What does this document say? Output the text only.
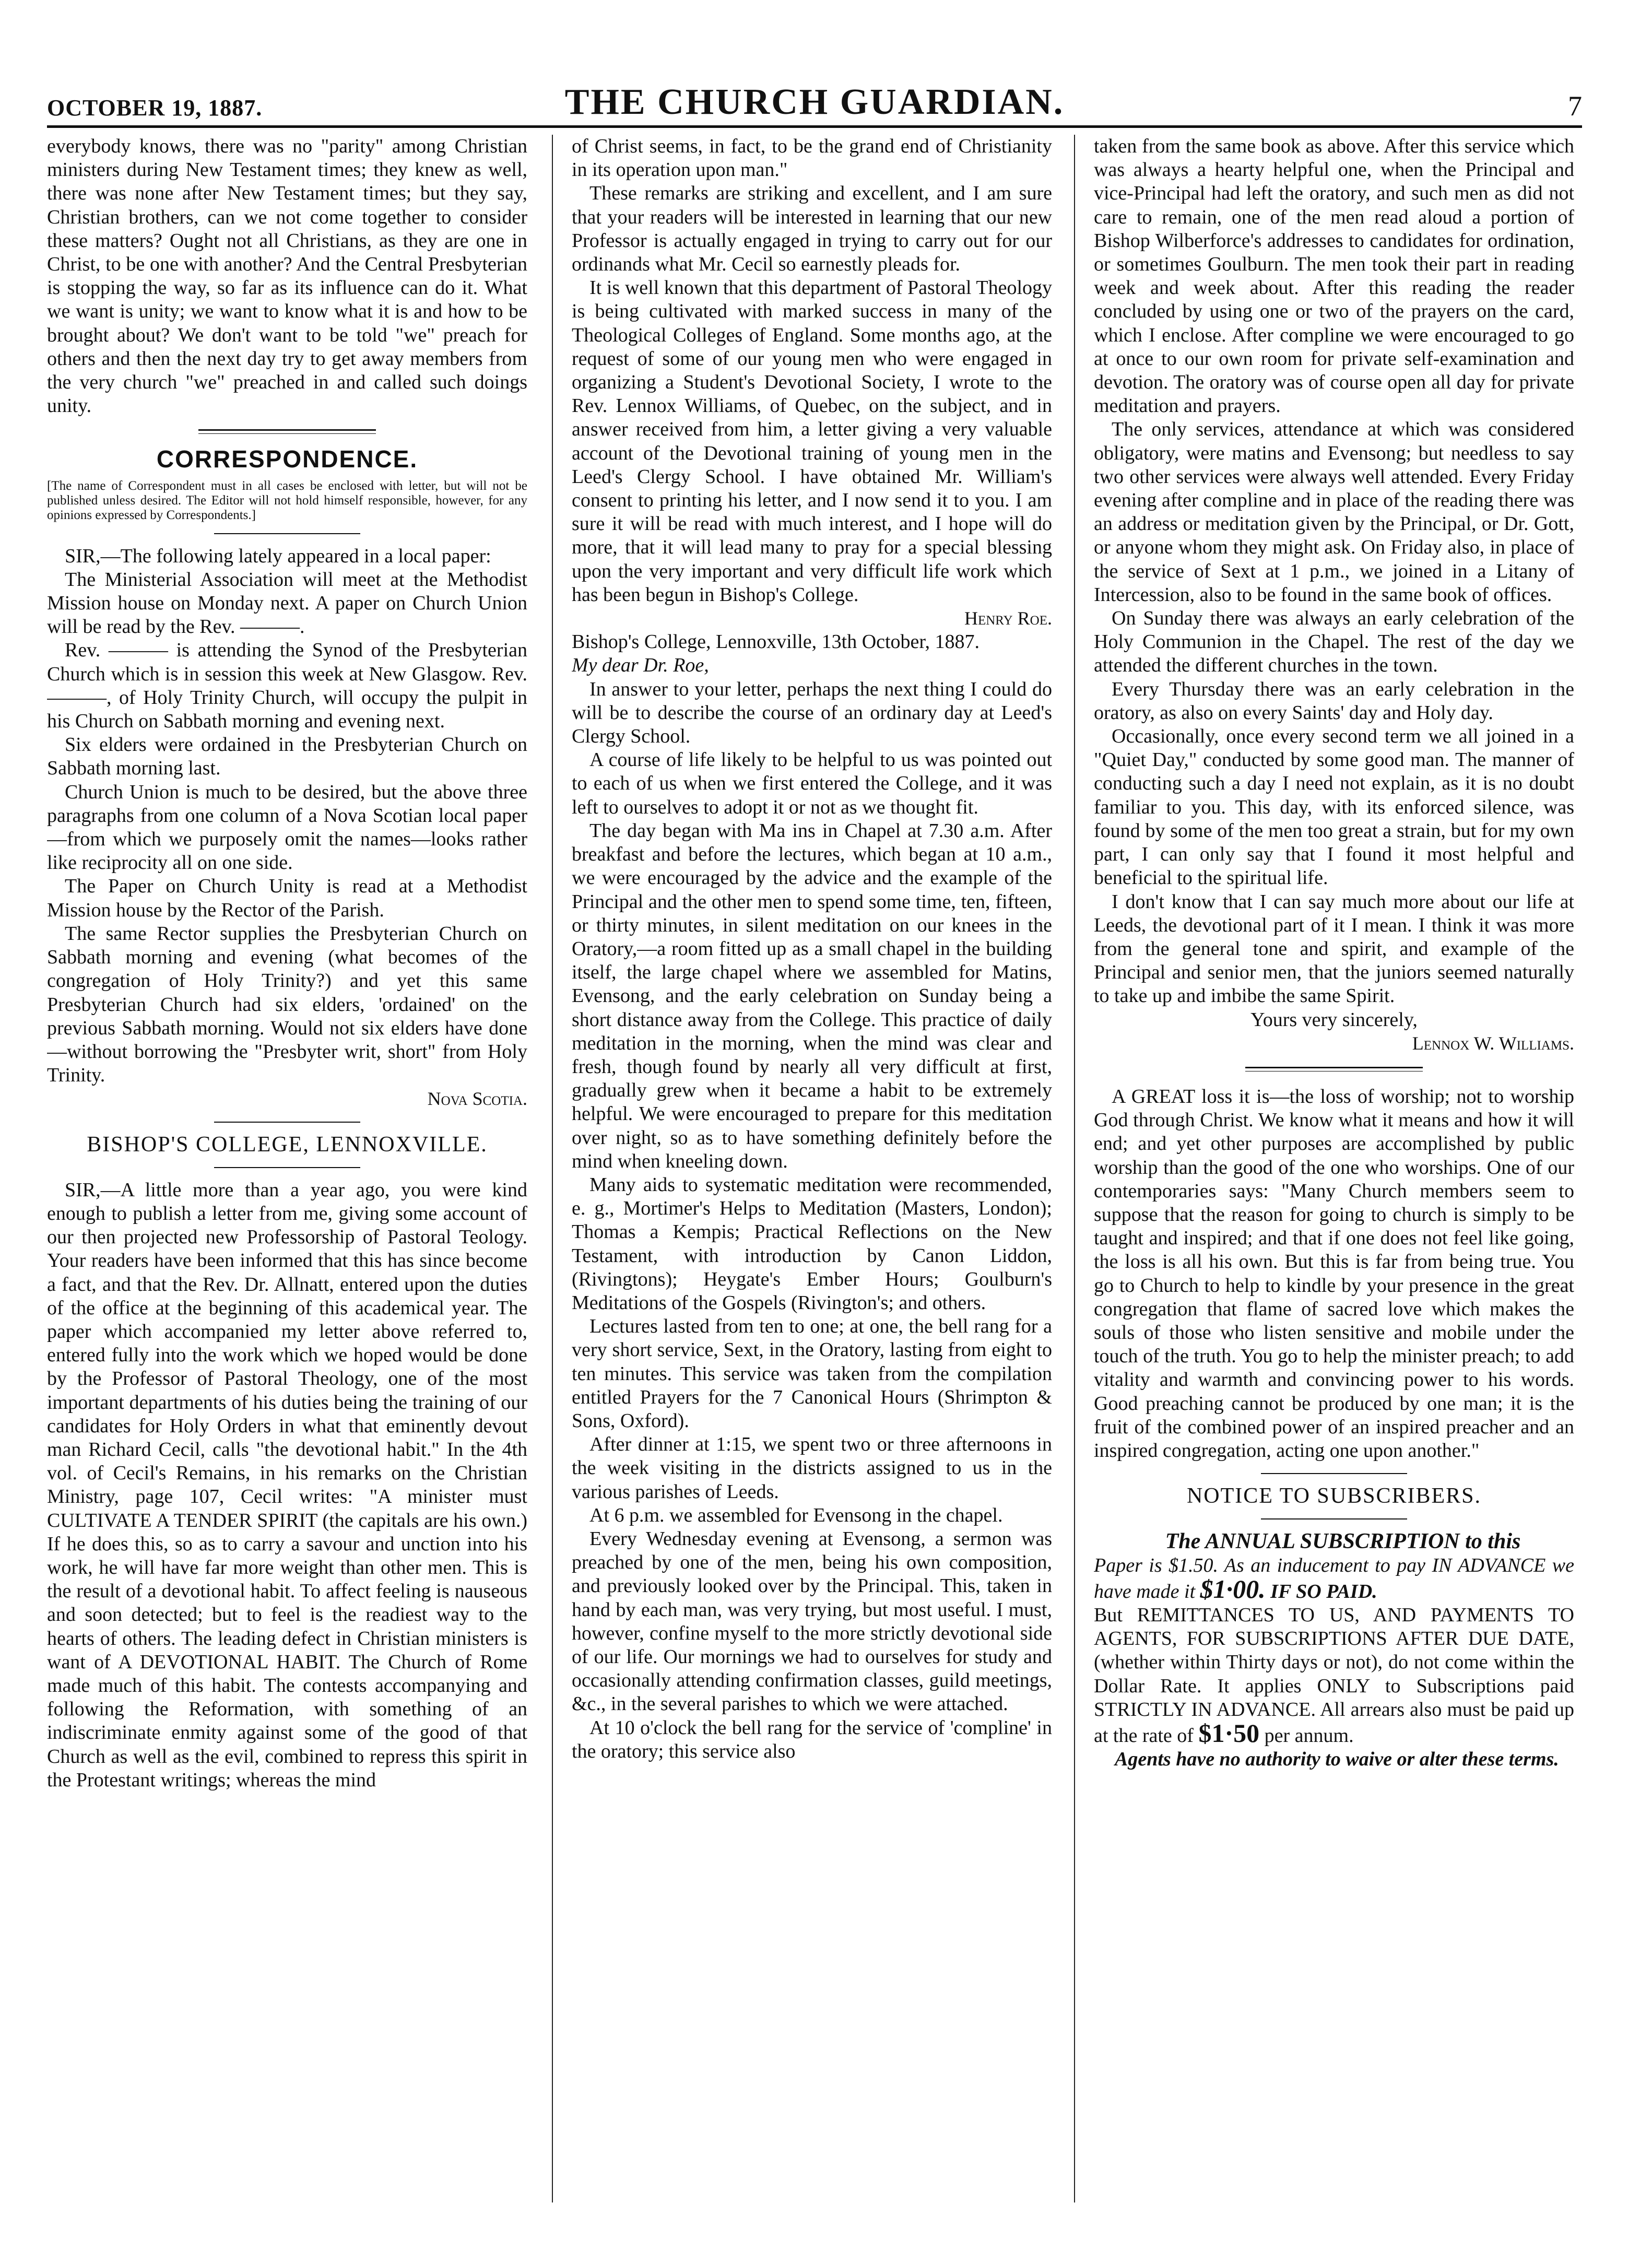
OCTOBER 19, 1887.	THE CHURCH GUARDIAN.	7

everybody knows, there was no "parity" among Christian ministers during New Testament times; they knew as well, there was none after New Testament times; but they say, Christian brothers, can we not come together to consider these matters? Ought not all Christians, as they are one in Christ, to be one with another? And the Central Presbyterian is stopping the way, so far as its influence can do it. What we want is unity; we want to know what it is and how to be brought about? We don't want to be told "we" preach for others and then the next day try to get away members from the very church "we" preached in and called such doings unity.

CORRESPONDENCE.

[The name of Correspondent must in all cases be enclosed with letter, but will not be published unless desired. The Editor will not hold himself responsible, however, for any opinions expressed by Correspondents.]

SIR,—The following lately appeared in a local paper:

The Ministerial Association will meet at the Methodist Mission house on Monday next. A paper on Church Union will be read by the Rev. ———.

Rev. ——— is attending the Synod of the Presbyterian Church which is in session this week at New Glasgow. Rev. ———, of Holy Trinity Church, will occupy the pulpit in his Church on Sabbath morning and evening next.

Six elders were ordained in the Presbyterian Church on Sabbath morning last.

Church Union is much to be desired, but the above three paragraphs from one column of a Nova Scotian local paper—from which we purposely omit the names—looks rather like reciprocity all on one side.

The Paper on Church Unity is read at a Methodist Mission house by the Rector of the Parish.

The same Rector supplies the Presbyterian Church on Sabbath morning and evening (what becomes of the congregation of Holy Trinity?) and yet this same Presbyterian Church had six elders, 'ordained' on the previous Sabbath morning. Would not six elders have done—without borrowing the "Presbyter writ, short" from Holy Trinity.

Nova Scotia.

BISHOP'S COLLEGE, LENNOXVILLE.

SIR,—A little more than a year ago, you were kind enough to publish a letter from me, giving some account of our then projected new Professorship of Pastoral Teology. Your readers have been informed that this has since become a fact, and that the Rev. Dr. Allnatt, entered upon the duties of the office at the beginning of this academical year. The paper which accompanied my letter above referred to, entered fully into the work which we hoped would be done by the Professor of Pastoral Theology, one of the most important departments of his duties being the training of our candidates for Holy Orders in what that eminently devout man Richard Cecil, calls "the devotional habit." In the 4th vol. of Cecil's Remains, in his remarks on the Christian Ministry, page 107, Cecil writes: "A minister must CULTIVATE A TENDER SPIRIT (the capitals are his own.) If he does this, so as to carry a savour and unction into his work, he will have far more weight than other men. This is the result of a devotional habit. To affect feeling is nauseous and soon detected; but to feel is the readiest way to the hearts of others. The leading defect in Christian ministers is want of A DEVOTIONAL HABIT. The Church of Rome made much of this habit. The contests accompanying and following the Reformation, with something of an indiscriminate enmity against some of the good of that Church as well as the evil, combined to repress this spirit in the Protestant writings; whereas the mind

of Christ seems, in fact, to be the grand end of Christianity in its operation upon man."

These remarks are striking and excellent, and I am sure that your readers will be interested in learning that our new Professor is actually engaged in trying to carry out for our ordinands what Mr. Cecil so earnestly pleads for.

It is well known that this department of Pastoral Theology is being cultivated with marked success in many of the Theological Colleges of England. Some months ago, at the request of some of our young men who were engaged in organizing a Student's Devotional Society, I wrote to the Rev. Lennox Williams, of Quebec, on the subject, and in answer received from him, a letter giving a very valuable account of the Devotional training of young men in the Leed's Clergy School. I have obtained Mr. William's consent to printing his letter, and I now send it to you. I am sure it will be read with much interest, and I hope will do more, that it will lead many to pray for a special blessing upon the very important and very difficult life work which has been begun in Bishop's College.

Henry Roe.

Bishop's College, Lennoxville, 13th October, 1887.

My dear Dr. Roe,

In answer to your letter, perhaps the next thing I could do will be to describe the course of an ordinary day at Leed's Clergy School.

A course of life likely to be helpful to us was pointed out to each of us when we first entered the College, and it was left to ourselves to adopt it or not as we thought fit.

The day began with Ma ins in Chapel at 7.30 a.m. After breakfast and before the lectures, which began at 10 a.m., we were encouraged by the advice and the example of the Principal and the other men to spend some time, ten, fifteen, or thirty minutes, in silent meditation on our knees in the Oratory,—a room fitted up as a small chapel in the building itself, the large chapel where we assembled for Matins, Evensong, and the early celebration on Sunday being a short distance away from the College. This practice of daily meditation in the morning, when the mind was clear and fresh, though found by nearly all very difficult at first, gradually grew when it became a habit to be extremely helpful. We were encouraged to prepare for this meditation over night, so as to have something definitely before the mind when kneeling down.

Many aids to systematic meditation were recommended, e. g., Mortimer's Helps to Meditation (Masters, London); Thomas a Kempis; Practical Reflections on the New Testament, with introduction by Canon Liddon, (Rivingtons); Heygate's Ember Hours; Goulburn's Meditations of the Gospels (Rivington's; and others.

Lectures lasted from ten to one; at one, the bell rang for a very short service, Sext, in the Oratory, lasting from eight to ten minutes. This service was taken from the compilation entitled Prayers for the 7 Canonical Hours (Shrimpton & Sons, Oxford).

After dinner at 1:15, we spent two or three afternoons in the week visiting in the districts assigned to us in the various parishes of Leeds.

At 6 p.m. we assembled for Evensong in the chapel.

Every Wednesday evening at Evensong, a sermon was preached by one of the men, being his own composition, and previously looked over by the Principal. This, taken in hand by each man, was very trying, but most useful. I must, however, confine myself to the more strictly devotional side of our life. Our mornings we had to ourselves for study and occasionally attending confirmation classes, guild meetings, &c., in the several parishes to which we were attached.

At 10 o'clock the bell rang for the service of 'compline' in the oratory; this service also

taken from the same book as above. After this service which was always a hearty helpful one, when the Principal and vice-Principal had left the oratory, and such men as did not care to remain, one of the men read aloud a portion of Bishop Wilberforce's addresses to candidates for ordination, or sometimes Goulburn. The men took their part in reading week and week about. After this reading the reader concluded by using one or two of the prayers on the card, which I enclose. After compline we were encouraged to go at once to our own room for private self-examination and devotion. The oratory was of course open all day for private meditation and prayers.

The only services, attendance at which was considered obligatory, were matins and Evensong; but needless to say two other services were always well attended. Every Friday evening after compline and in place of the reading there was an address or meditation given by the Principal, or Dr. Gott, or anyone whom they might ask. On Friday also, in place of the service of Sext at 1 p.m., we joined in a Litany of Intercession, also to be found in the same book of offices.

On Sunday there was always an early celebration of the Holy Communion in the Chapel. The rest of the day we attended the different churches in the town.

Every Thursday there was an early celebration in the oratory, as also on every Saints' day and Holy day.

Occasionally, once every second term we all joined in a "Quiet Day," conducted by some good man. The manner of conducting such a day I need not explain, as it is no doubt familiar to you. This day, with its enforced silence, was found by some of the men too great a strain, but for my own part, I can only say that I found it most helpful and beneficial to the spiritual life.

I don't know that I can say much more about our life at Leeds, the devotional part of it I mean. I think it was more from the general tone and spirit, and example of the Principal and senior men, that the juniors seemed naturally to take up and imbibe the same Spirit.

Yours very sincerely,

Lennox W. Williams.

A GREAT loss it is—the loss of worship; not to worship God through Christ. We know what it means and how it will end; and yet other purposes are accomplished by public worship than the good of the one who worships. One of our contemporaries says: "Many Church members seem to suppose that the reason for going to church is simply to be taught and inspired; and that if one does not feel like going, the loss is all his own. But this is far from being true. You go to Church to help to kindle by your presence in the great congregation that flame of sacred love which makes the souls of those who listen sensitive and mobile under the touch of the truth. You go to help the minister preach; to add vitality and warmth and convincing power to his words. Good preaching cannot be produced by one man; it is the fruit of the combined power of an inspired preacher and an inspired congregation, acting one upon another."

NOTICE TO SUBSCRIBERS.

The ANNUAL SUBSCRIPTION to this

Paper is $1.50. As an inducement to pay IN ADVANCE we have made it $1·00. IF SO PAID.

But REMITTANCES TO US, AND PAYMENTS TO AGENTS, FOR SUBSCRIPTIONS AFTER DUE DATE, (whether within Thirty days or not), do not come within the Dollar Rate. It applies ONLY to Subscriptions paid STRICTLY IN ADVANCE. All arrears also must be paid up at the rate of $1·50 per annum.

Agents have no authority to waive or alter these terms.
